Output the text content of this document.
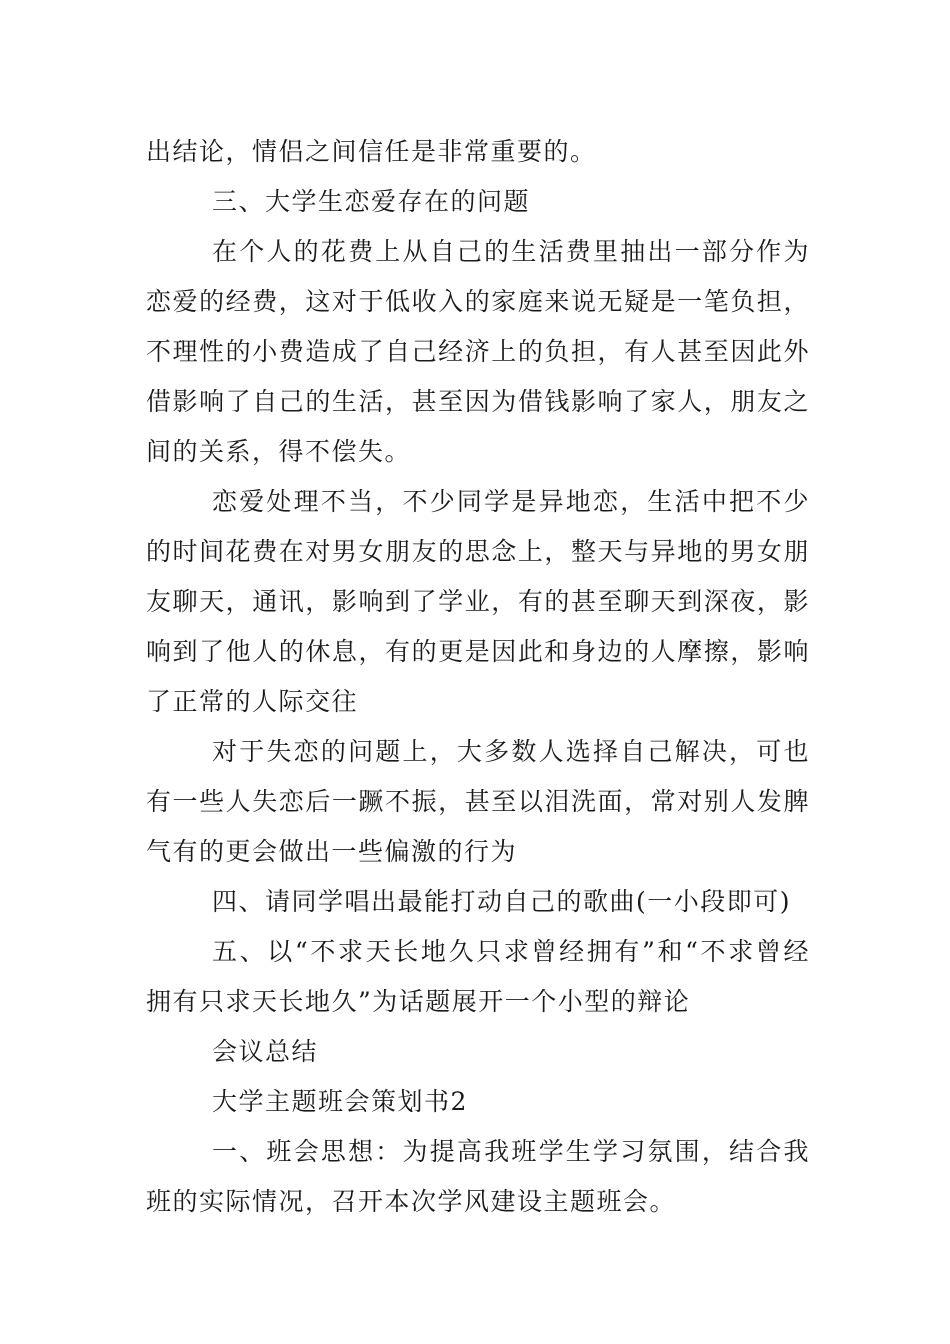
出结论，情侣之间信任是非常重要的。

三、大学生恋爱存在的问题

在个人的花费上从自己的生活费里抽出一部分作为恋爱的经费，这对于低收入的家庭来说无疑是一笔负担，不理性的小费造成了自己经济上的负担，有人甚至因此外借影响了自己的生活，甚至因为借钱影响了家人，朋友之间的关系，得不偿失。

恋爱处理不当，不少同学是异地恋，生活中把不少的时间花费在对男女朋友的思念上，整天与异地的男女朋友聊天，通讯，影响到了学业，有的甚至聊天到深夜，影响到了他人的休息，有的更是因此和身边的人摩擦，影响了正常的人际交往

对于失恋的问题上，大多数人选择自己解决，可也有一些人失恋后一蹶不振，甚至以泪洗面，常对别人发脾气有的更会做出一些偏激的行为

四、请同学唱出最能打动自己的歌曲(一小段即可)

五、以“不求天长地久只求曾经拥有”和“不求曾经拥有只求天长地久”为话题展开一个小型的辩论

会议总结

大学主题班会策划书2

一、班会思想：为提高我班学生学习氛围，结合我班的实际情况，召开本次学风建设主题班会。
